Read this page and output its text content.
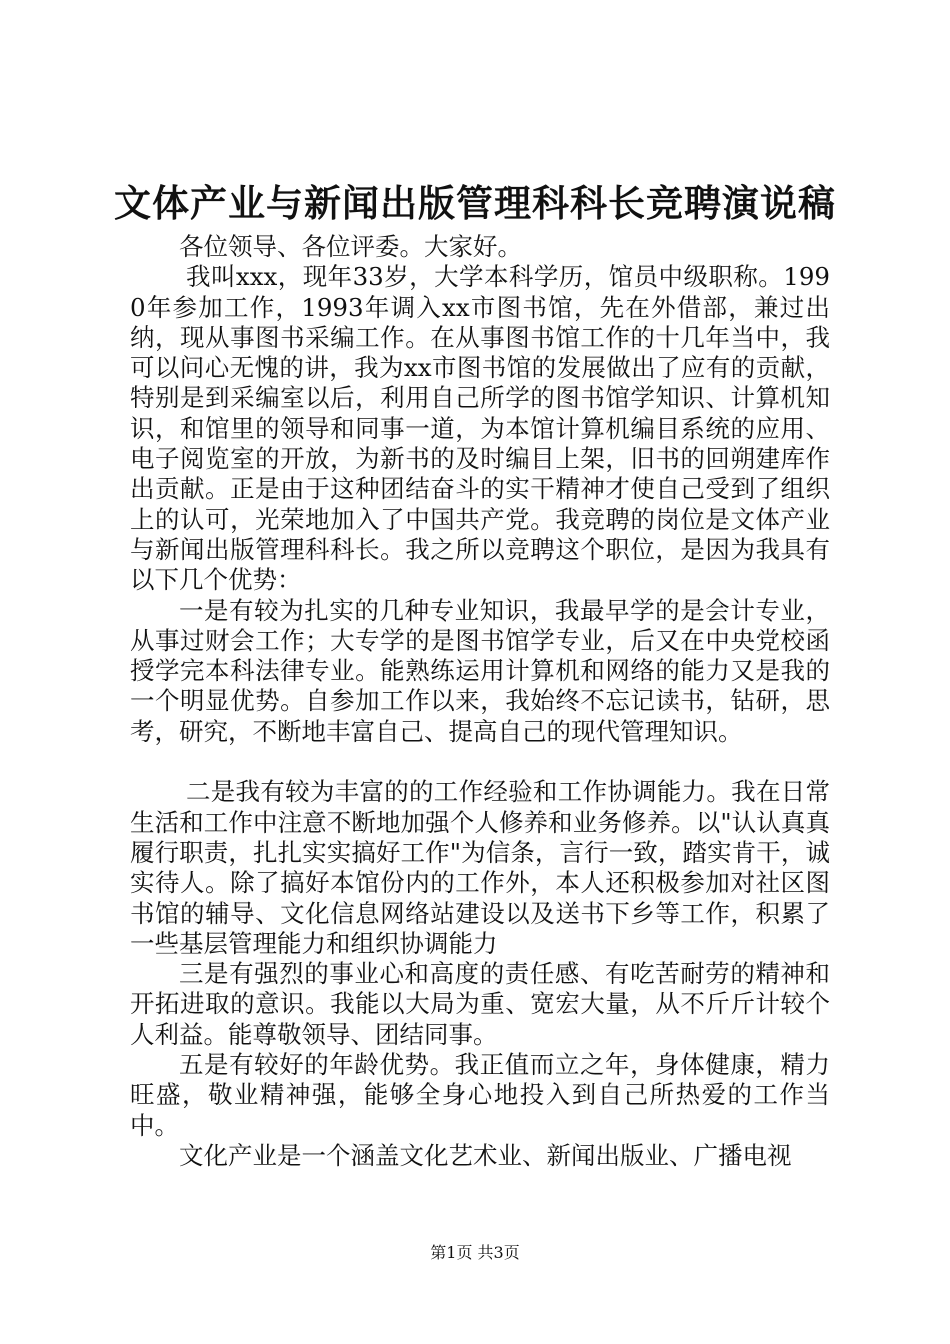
文体产业与新闻出版管理科科长竞聘演说稿

各位领导、各位评委。大家好。

我叫xxx，现年33岁，大学本科学历，馆员中级职称。1990年参加工作，1993年调入xx市图书馆，先在外借部，兼过出纳，现从事图书采编工作。在从事图书馆工作的十几年当中，我可以问心无愧的讲，我为xx市图书馆的发展做出了应有的贡献，特别是到采编室以后，利用自己所学的图书馆学知识、计算机知识，和馆里的领导和同事一道，为本馆计算机编目系统的应用、电子阅览室的开放，为新书的及时编目上架，旧书的回朔建库作出贡献。正是由于这种团结奋斗的实干精神才使自己受到了组织上的认可，光荣地加入了中国共产党。我竞聘的岗位是文体产业与新闻出版管理科科长。我之所以竞聘这个职位，是因为我具有以下几个优势：

一是有较为扎实的几种专业知识，我最早学的是会计专业，从事过财会工作；大专学的是图书馆学专业，后又在中央党校函授学完本科法律专业。能熟练运用计算机和网络的能力又是我的一个明显优势。自参加工作以来，我始终不忘记读书，钻研，思考，研究，不断地丰富自己、提高自己的现代管理知识。

二是我有较为丰富的的工作经验和工作协调能力。我在日常生活和工作中注意不断地加强个人修养和业务修养。以"认认真真履行职责，扎扎实实搞好工作"为信条，言行一致，踏实肯干，诚实待人。除了搞好本馆份内的工作外，本人还积极参加对社区图书馆的辅导、文化信息网络站建设以及送书下乡等工作，积累了一些基层管理能力和组织协调能力

三是有强烈的事业心和高度的责任感、有吃苦耐劳的精神和开拓进取的意识。我能以大局为重、宽宏大量，从不斤斤计较个人利益。能尊敬领导、团结同事。

五是有较好的年龄优势。我正值而立之年，身体健康，精力旺盛，敬业精神强，能够全身心地投入到自己所热爱的工作当中。

文化产业是一个涵盖文化艺术业、新闻出版业、广播电视

第1页 共3页
